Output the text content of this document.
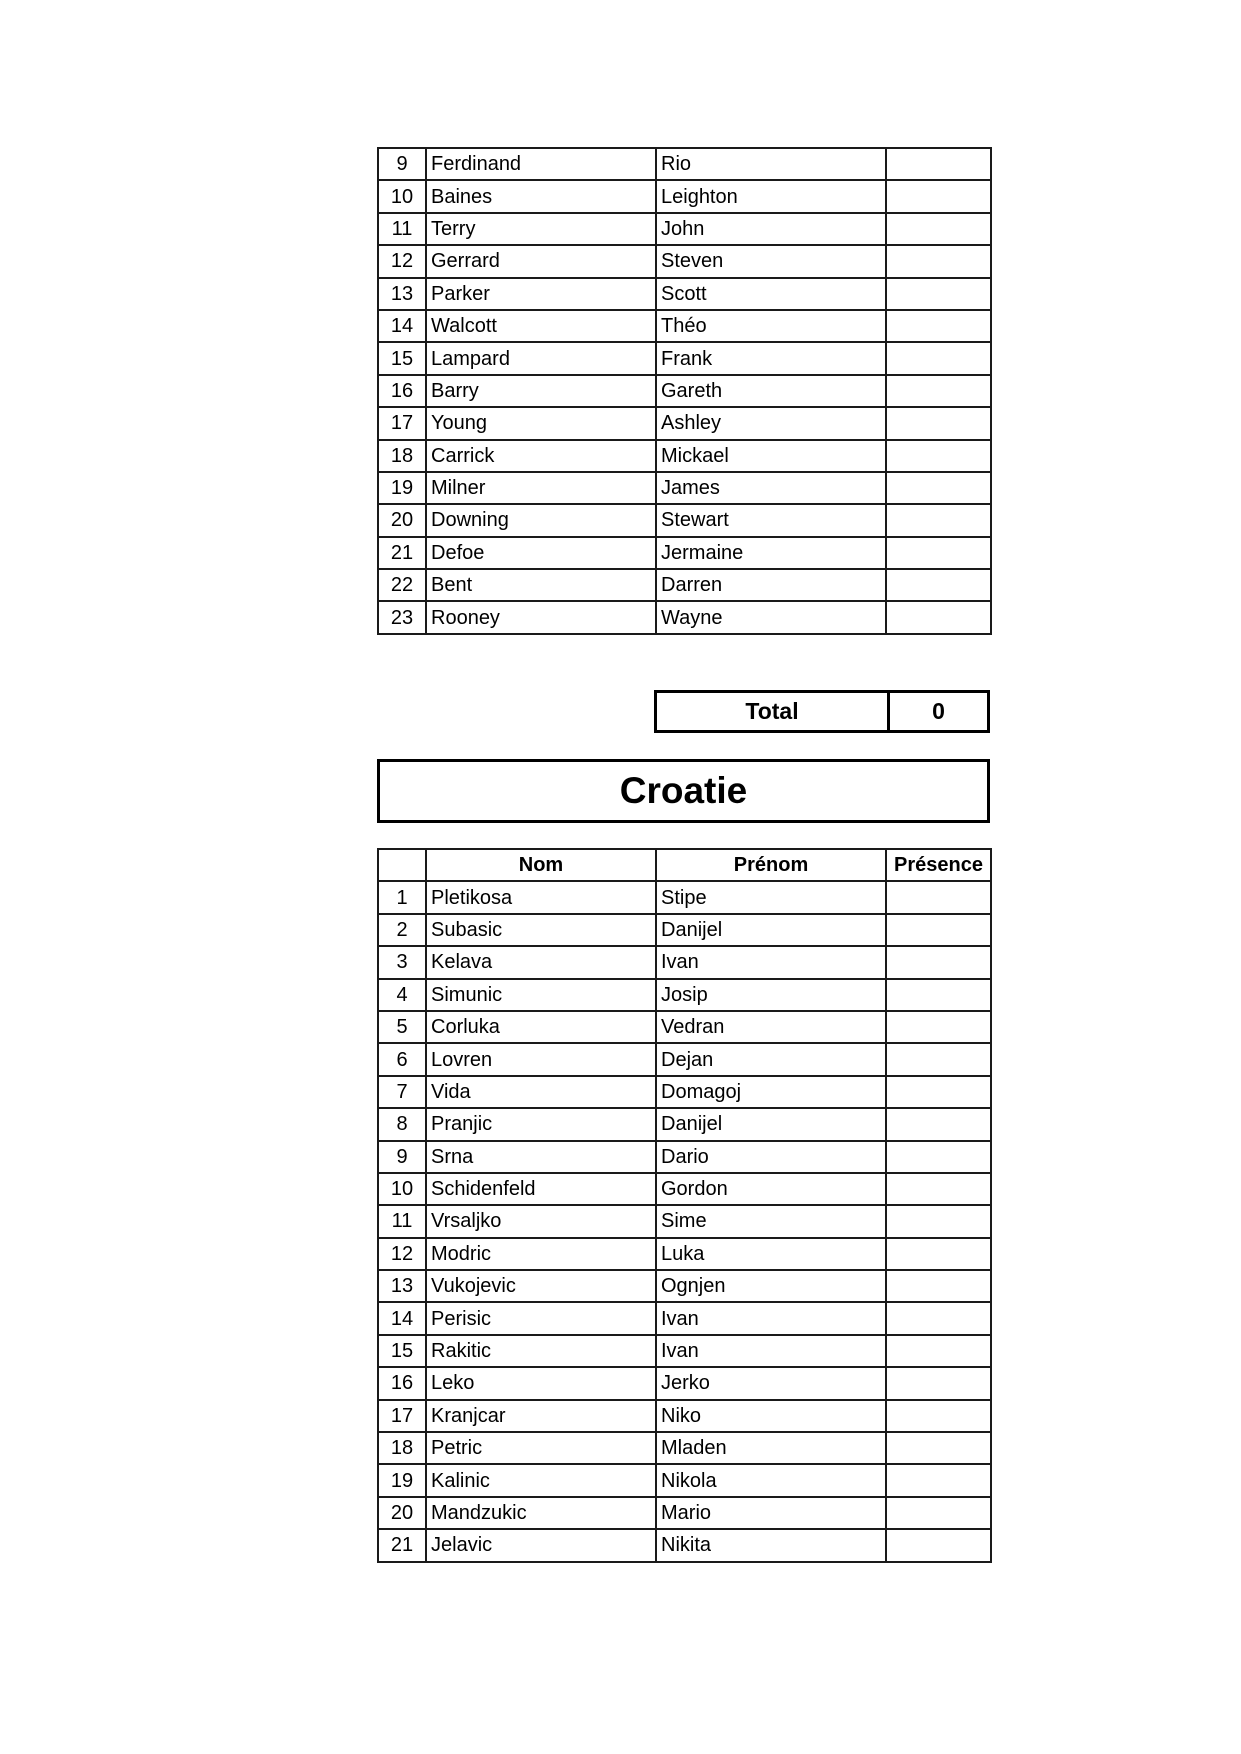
9	Ferdinand	Rio	
10	Baines	Leighton	
11	Terry	John	
12	Gerrard	Steven	
13	Parker	Scott	
14	Walcott	Théo	
15	Lampard	Frank	
16	Barry	Gareth	
17	Young	Ashley	
18	Carrick	Mickael	
19	Milner	James	
20	Downing	Stewart	
21	Defoe	Jermaine	
22	Bent	Darren	
23	Rooney	Wayne	
Total	0
Croatie
	Nom	Prénom	Présence
1	Pletikosa	Stipe	
2	Subasic	Danijel	
3	Kelava	Ivan	
4	Simunic	Josip	
5	Corluka	Vedran	
6	Lovren	Dejan	
7	Vida	Domagoj	
8	Pranjic	Danijel	
9	Srna	Dario	
10	Schidenfeld	Gordon	
11	Vrsaljko	Sime	
12	Modric	Luka	
13	Vukojevic	Ognjen	
14	Perisic	Ivan	
15	Rakitic	Ivan	
16	Leko	Jerko	
17	Kranjcar	Niko	
18	Petric	Mladen	
19	Kalinic	Nikola	
20	Mandzukic	Mario	
21	Jelavic	Nikita	
